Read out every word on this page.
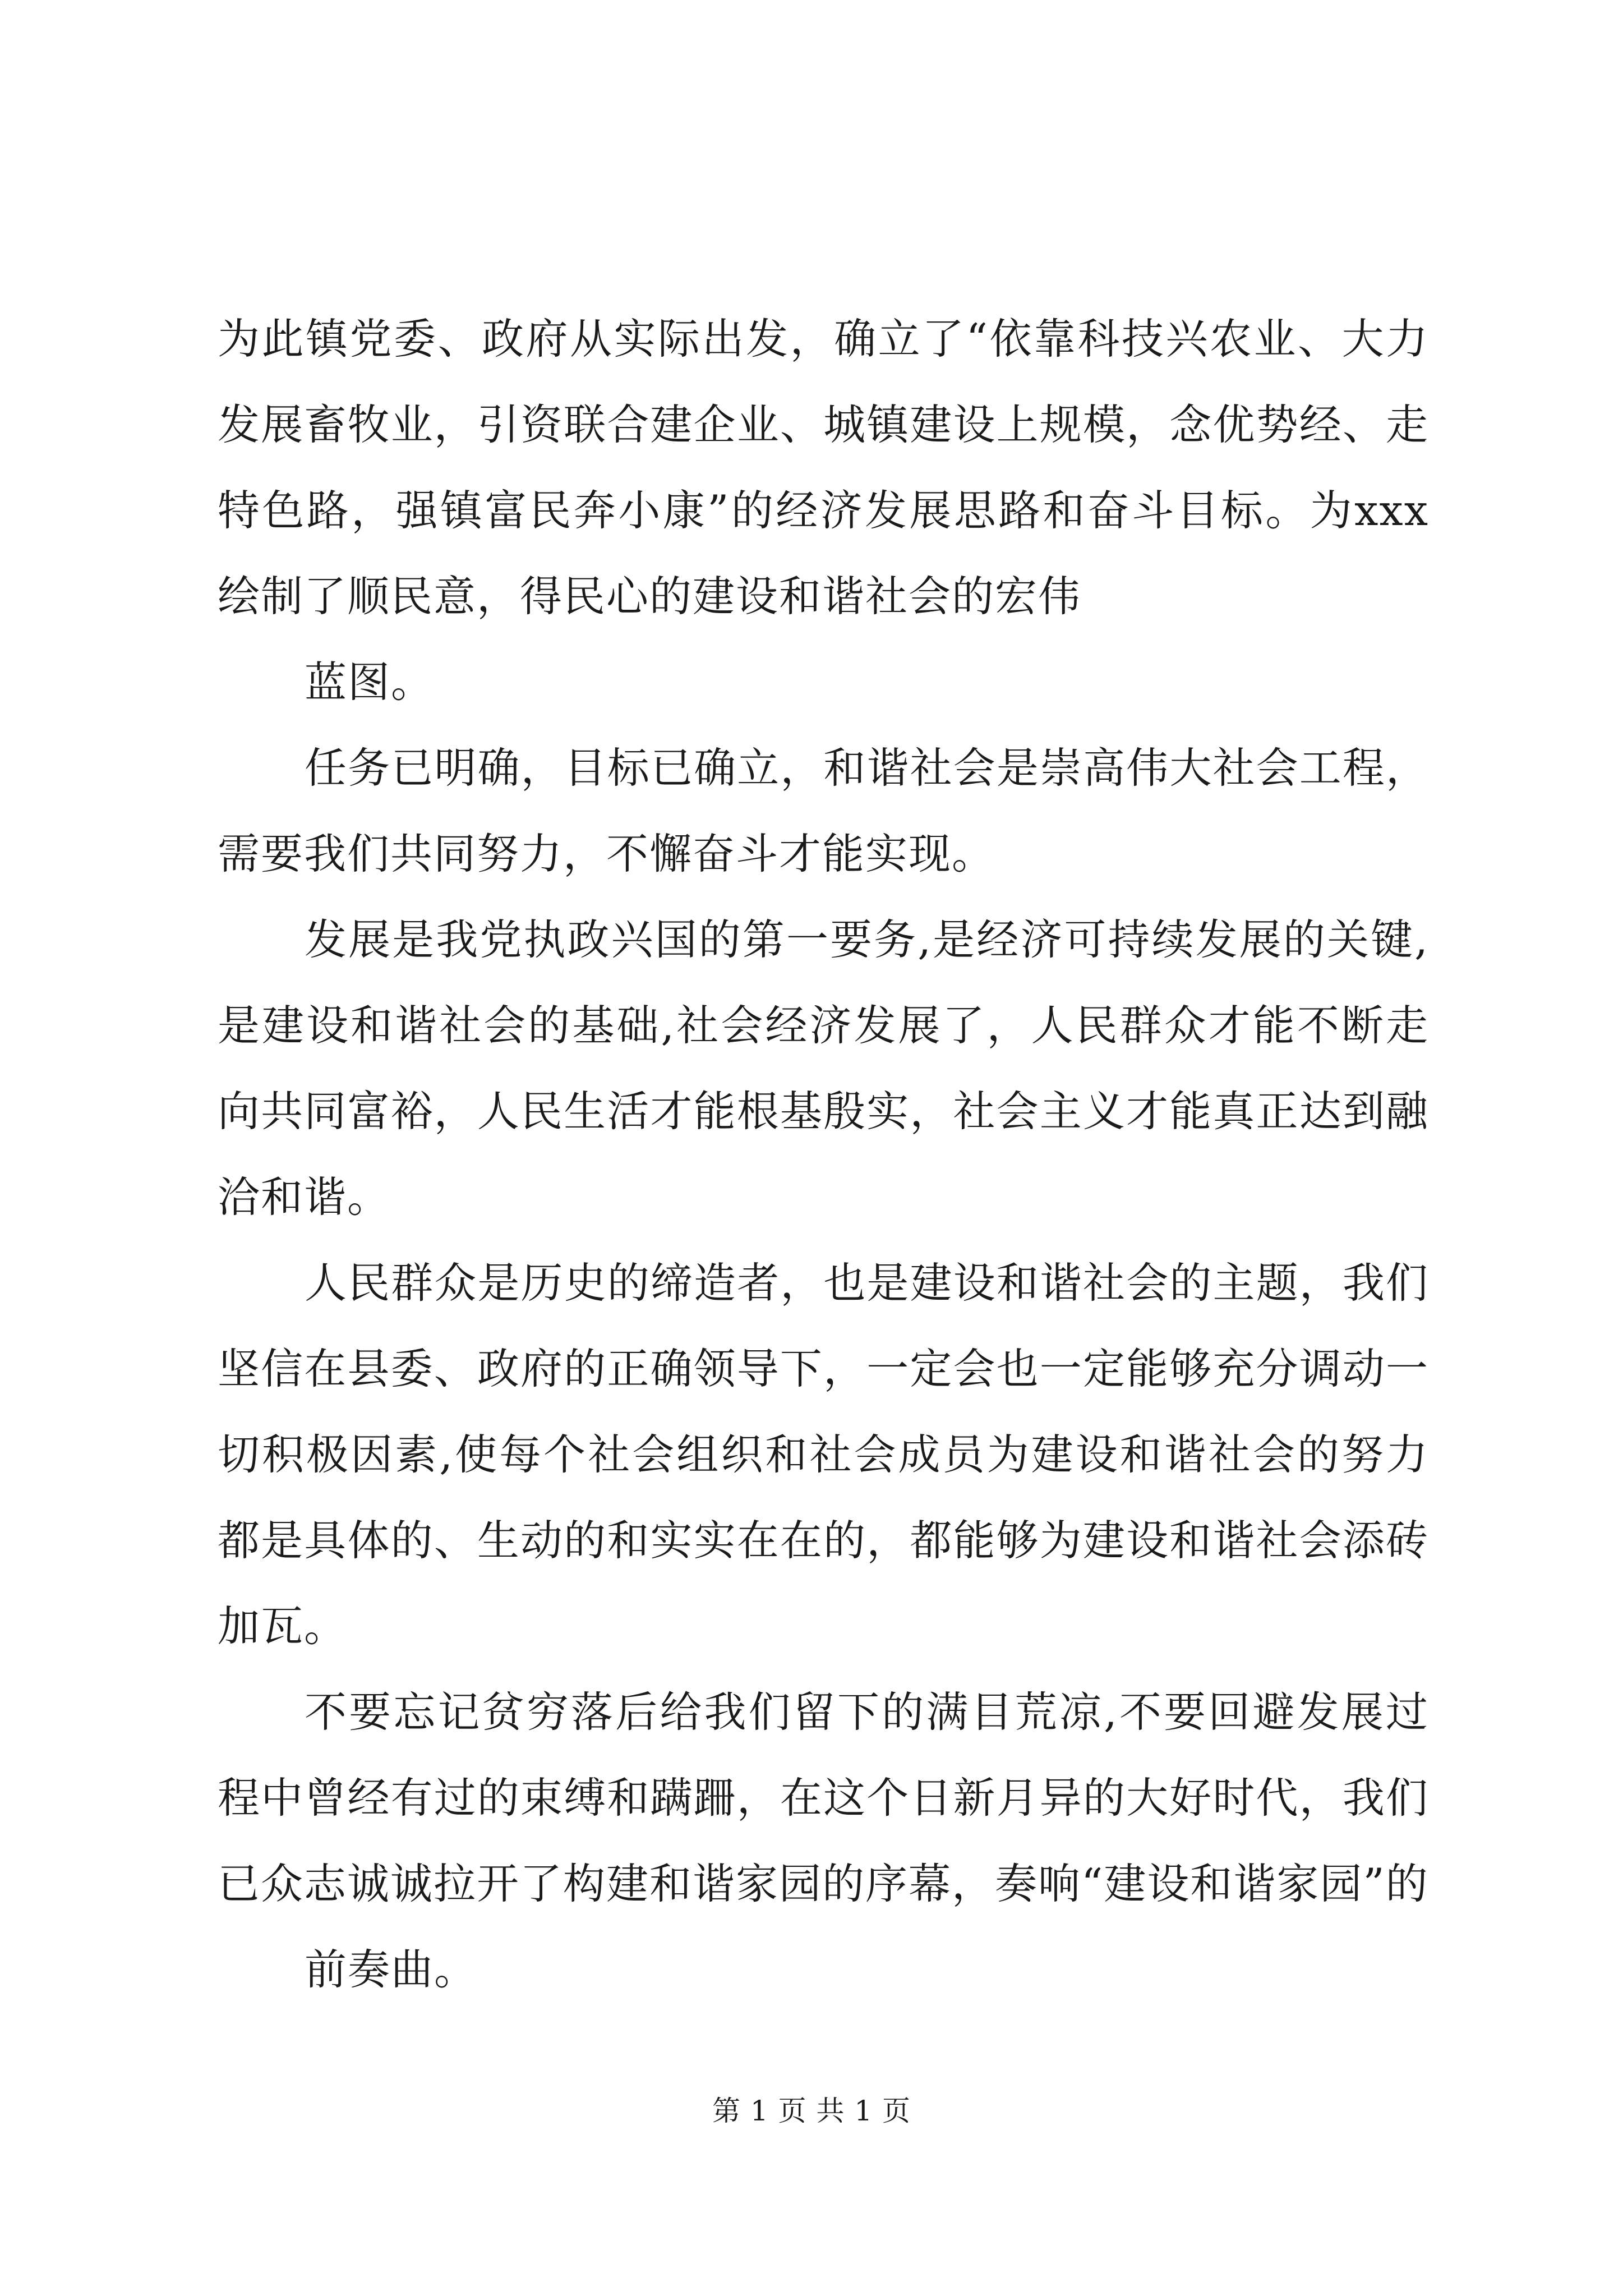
为此镇党委、政府从实际出发，确立了“依靠科技兴农业、大力发展畜牧业，引资联合建企业、城镇建设上规模，念优势经、走特色路，强镇富民奔小康”的经济发展思路和奋斗目标。为xxx绘制了顺民意，得民心的建设和谐社会的宏伟

蓝图。

任务已明确，目标已确立，和谐社会是崇高伟大社会工程，需要我们共同努力，不懈奋斗才能实现。

发展是我党执政兴国的第一要务,是经济可持续发展的关键,是建设和谐社会的基础,社会经济发展了，人民群众才能不断走向共同富裕，人民生活才能根基殷实，社会主义才能真正达到融洽和谐。

人民群众是历史的缔造者，也是建设和谐社会的主题，我们坚信在县委、政府的正确领导下，一定会也一定能够充分调动一切积极因素,使每个社会组织和社会成员为建设和谐社会的努力都是具体的、生动的和实实在在的，都能够为建设和谐社会添砖加瓦。

不要忘记贫穷落后给我们留下的满目荒凉,不要回避发展过程中曾经有过的束缚和蹒跚，在这个日新月异的大好时代，我们已众志诚诚拉开了构建和谐家园的序幕，奏响“建设和谐家园”的

前奏曲。

第 1 页 共 1 页
